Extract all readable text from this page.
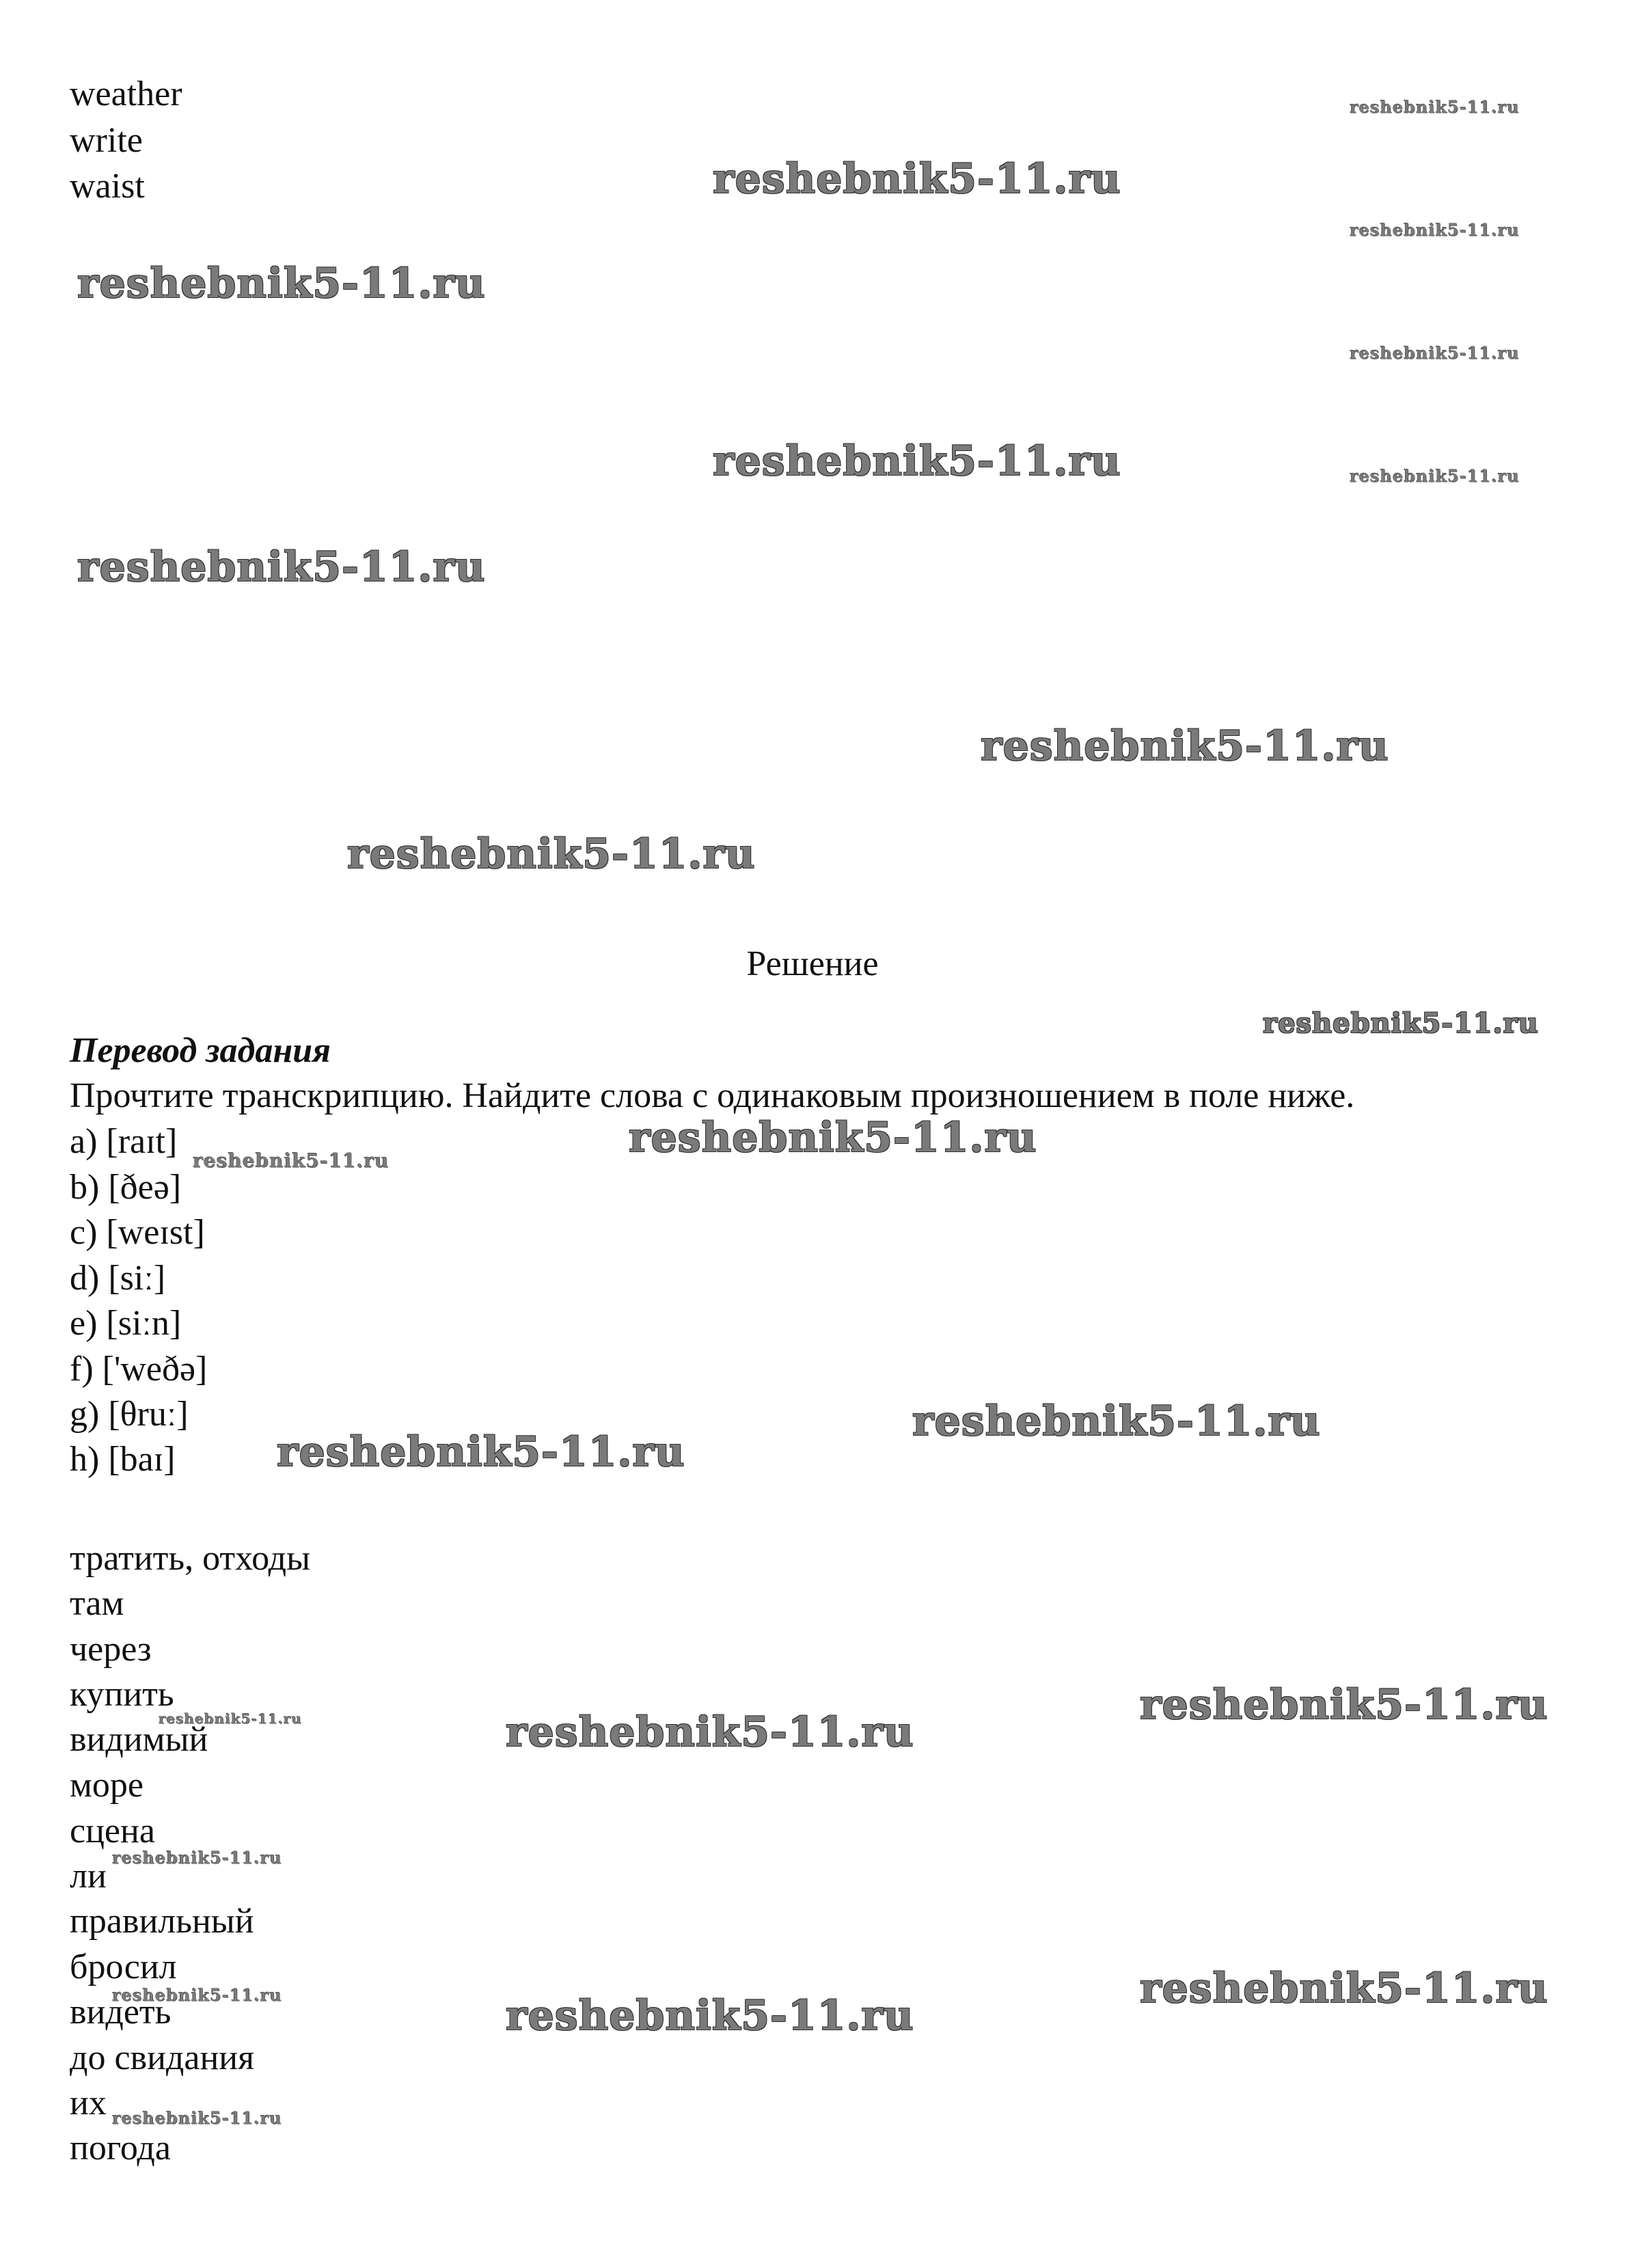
weather
write
waist
Решение
Перевод задания
Прочтите транскрипцию. Найдите слова с одинаковым произношением в поле ниже.
a) [raɪt]
b) [ðeə]
c) [weɪst]
d) [siː]
e) [siːn]
f) ['weðə]
g) [θruː]
h) [baɪ]
тратить, отходы
там
через
купить
видимый
море
сцена
ли
правильный
бросил
видеть
до свидания
их
погода
reshebnik5-11.ru
reshebnik5-11.ru
reshebnik5-11.ru
reshebnik5-11.ru
reshebnik5-11.ru
reshebnik5-11.ru
reshebnik5-11.ru
reshebnik5-11.ru
reshebnik5-11.ru
reshebnik5-11.ru
reshebnik5-11.ru
reshebnik5-11.ru
reshebnik5-11.ru
reshebnik5-11.ru
reshebnik5-11.ru
reshebnik5-11.ru
reshebnik5-11.ru
reshebnik5-11.ru
reshebnik5-11.ru
reshebnik5-11.ru
reshebnik5-11.ru
reshebnik5-11.ru
reshebnik5-11.ru
